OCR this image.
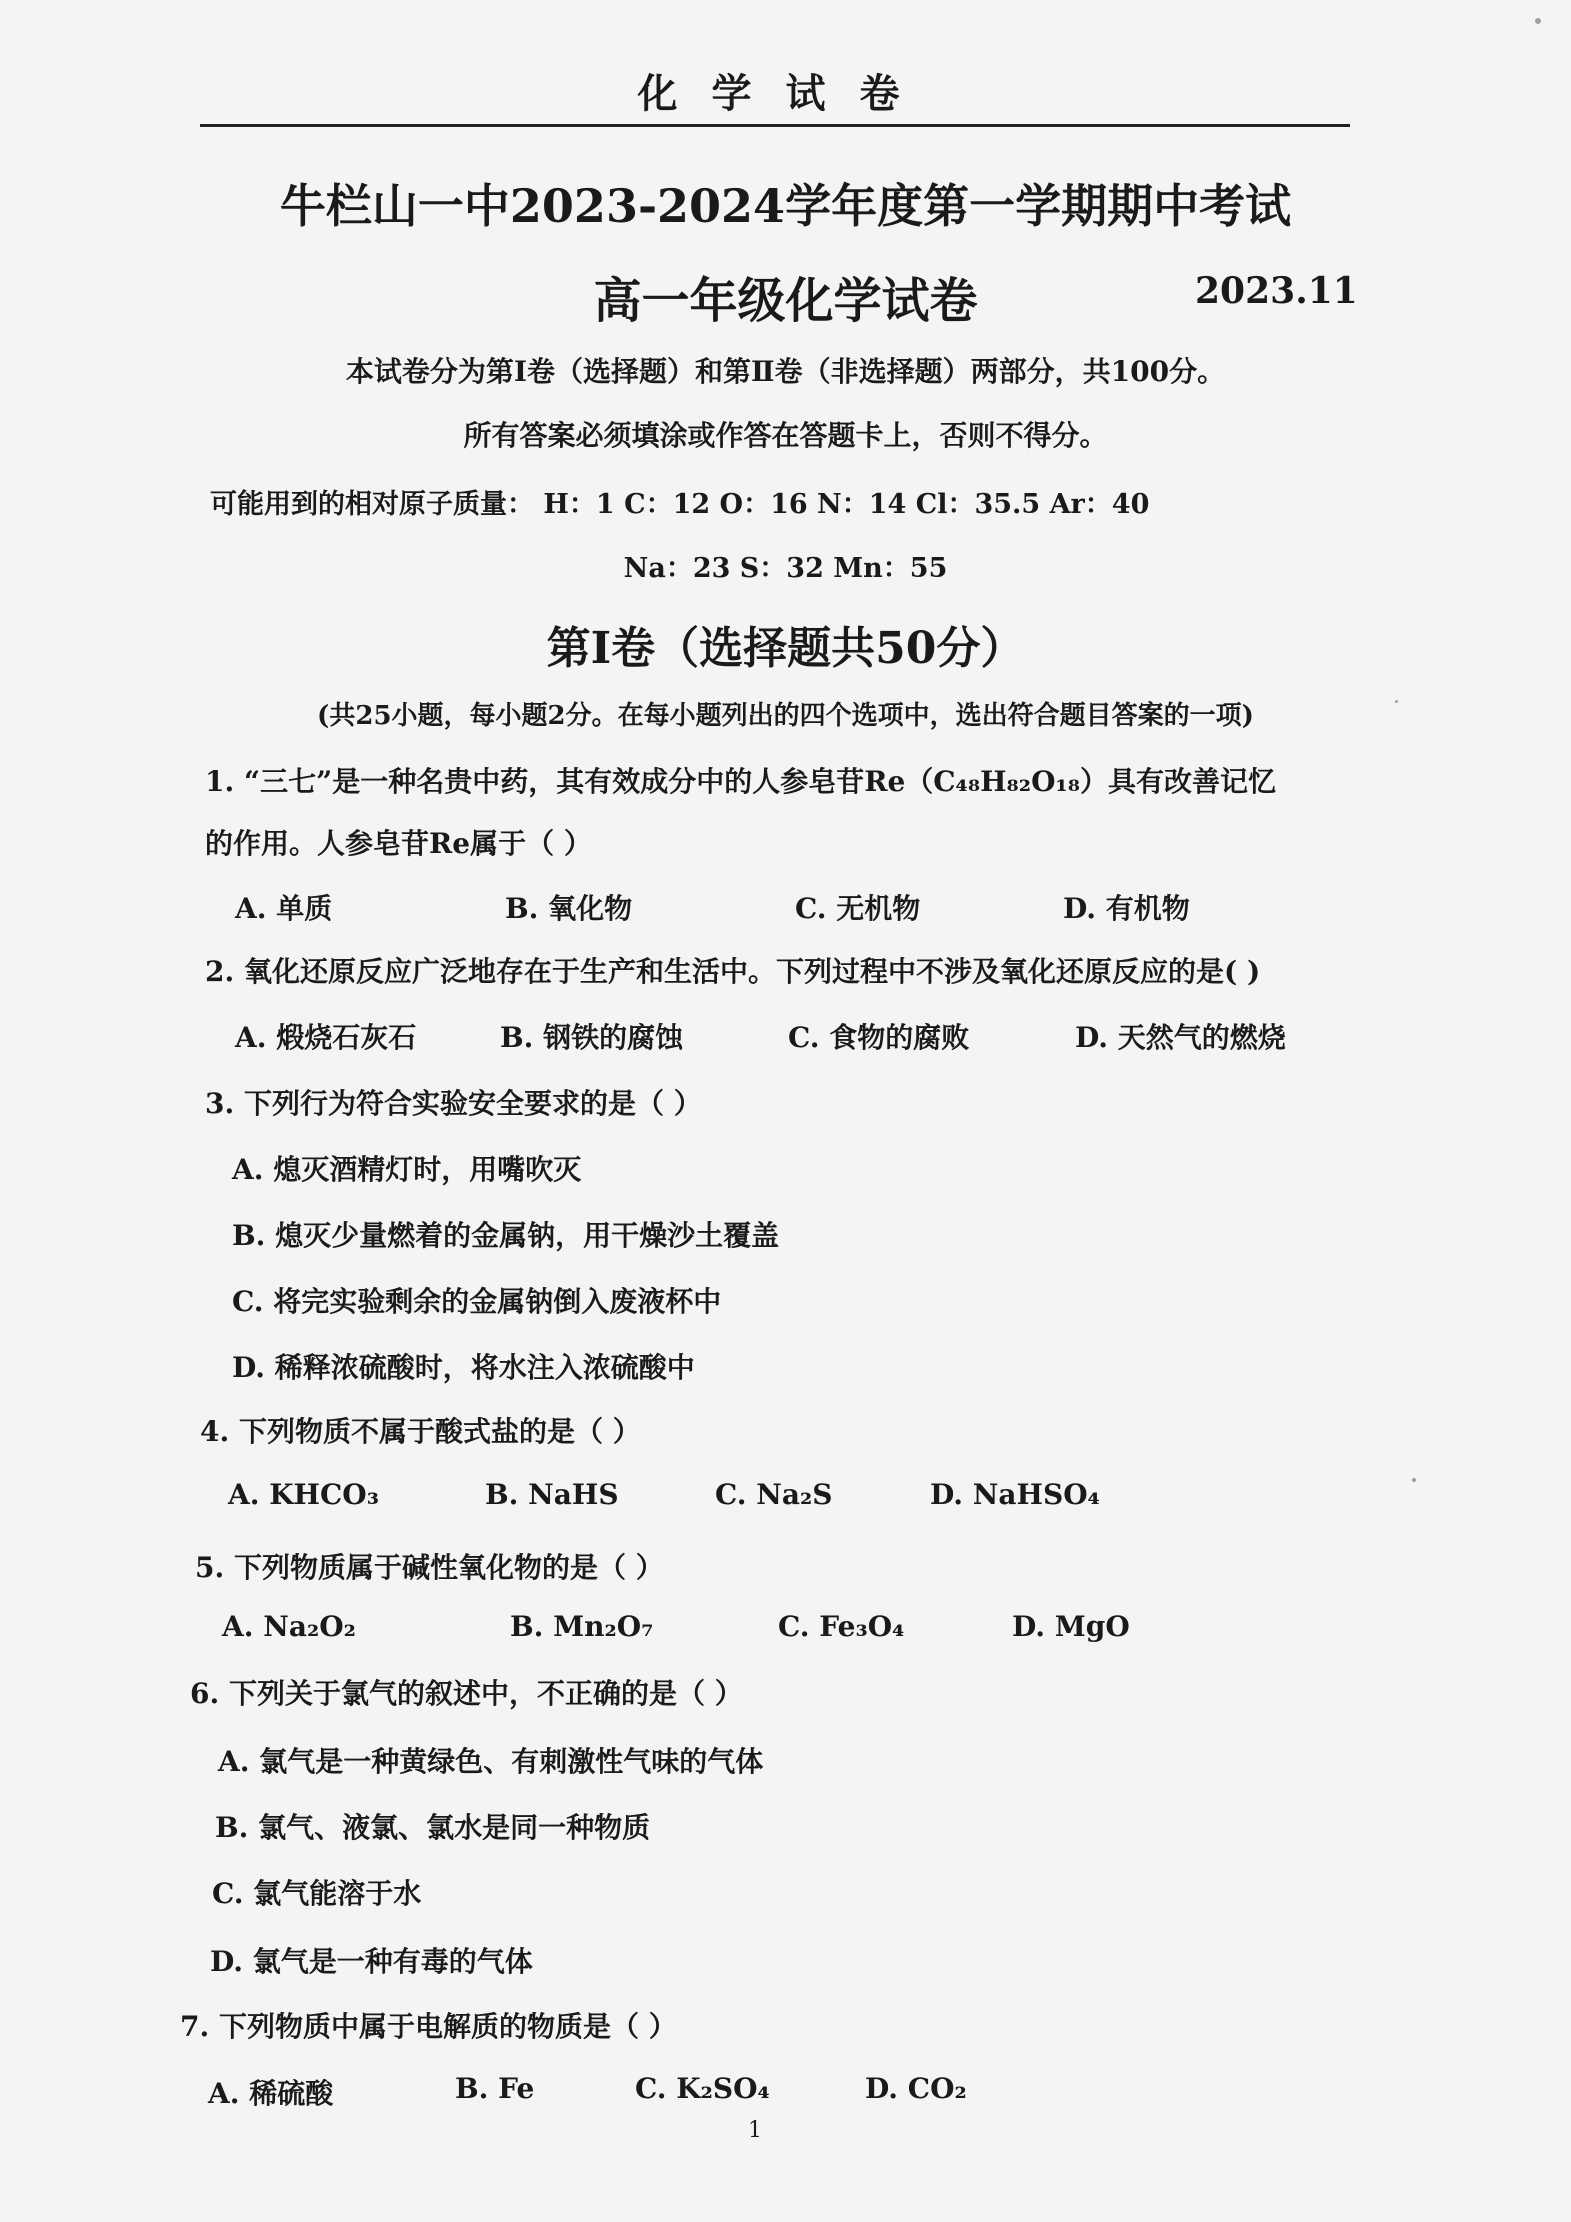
化学试卷
牛栏山一中2023-2024学年度第一学期期中考试
高一年级化学试卷	2023.11
本试卷分为第Ⅰ卷（选择题）和第Ⅱ卷（非选择题）两部分，共100分。
所有答案必须填涂或作答在答题卡上，否则不得分。
可能用到的相对原子质量： H：1 C：12 O：16 N：14 Cl：35.5 Ar：40
Na：23 S：32 Mn：55
第Ⅰ卷（选择题共50分）
(共25小题，每小题2分。在每小题列出的四个选项中，选出符合题目答案的一项)
1. “三七”是一种名贵中药，其有效成分中的人参皂苷Re（C₄₈H₈₂O₁₈）具有改善记忆
的作用。人参皂苷Re属于（ ）
A. 单质	B. 氧化物	C. 无机物	D. 有机物
2. 氧化还原反应广泛地存在于生产和生活中。下列过程中不涉及氧化还原反应的是( )
A. 煅烧石灰石	B. 钢铁的腐蚀	C. 食物的腐败	D. 天然气的燃烧
3. 下列行为符合实验安全要求的是（ ）
A. 熄灭酒精灯时，用嘴吹灭
B. 熄灭少量燃着的金属钠，用干燥沙土覆盖
C. 将完实验剩余的金属钠倒入废液杯中
D. 稀释浓硫酸时，将水注入浓硫酸中
4. 下列物质不属于酸式盐的是（ ）
A. KHCO₃	B. NaHS	C. Na₂S	D. NaHSO₄
5. 下列物质属于碱性氧化物的是（ ）
A. Na₂O₂	B. Mn₂O₇	C. Fe₃O₄	D. MgO
6. 下列关于氯气的叙述中，不正确的是（ ）
A. 氯气是一种黄绿色、有刺激性气味的气体
B. 氯气、液氯、氯水是同一种物质
C. 氯气能溶于水
D. 氯气是一种有毒的气体
7. 下列物质中属于电解质的物质是（ ）
A. 稀硫酸	B. Fe	C. K₂SO₄	D. CO₂
1
